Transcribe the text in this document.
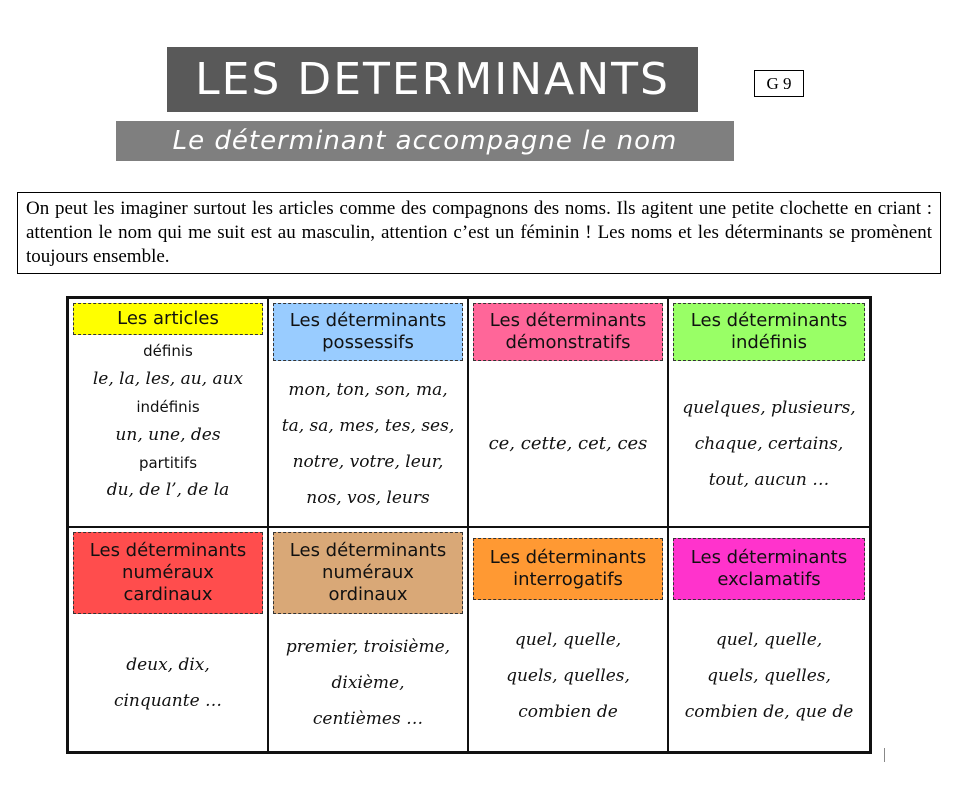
LES DETERMINANTS	G 9
Le déterminant accompagne le nom
On peut les imaginer surtout les articles comme des compagnons des noms. Ils agitent une petite clochette en criant : attention le nom qui me suit est au masculin, attention c’est un féminin ! Les noms et les déterminants se promènent toujours ensemble.
Les articles
définis
le, la, les, au, aux
indéfinis
un, une, des
partitifs
du, de l’, de la
Les déterminants
possessifs
mon, ton, son, ma,
ta, sa, mes, tes, ses,
notre, votre, leur,
nos, vos, leurs
Les déterminants
démonstratifs
ce, cette, cet, ces
Les déterminants
indéfinis
quelques, plusieurs,
chaque, certains,
tout, aucun …
Les déterminants
numéraux
cardinaux
deux, dix,
cinquante …
Les déterminants
numéraux
ordinaux
premier, troisième,
dixième,
centièmes …
Les déterminants
interrogatifs
quel, quelle,
quels, quelles,
combien de
Les déterminants
exclamatifs
quel, quelle,
quels, quelles,
combien de, que de
